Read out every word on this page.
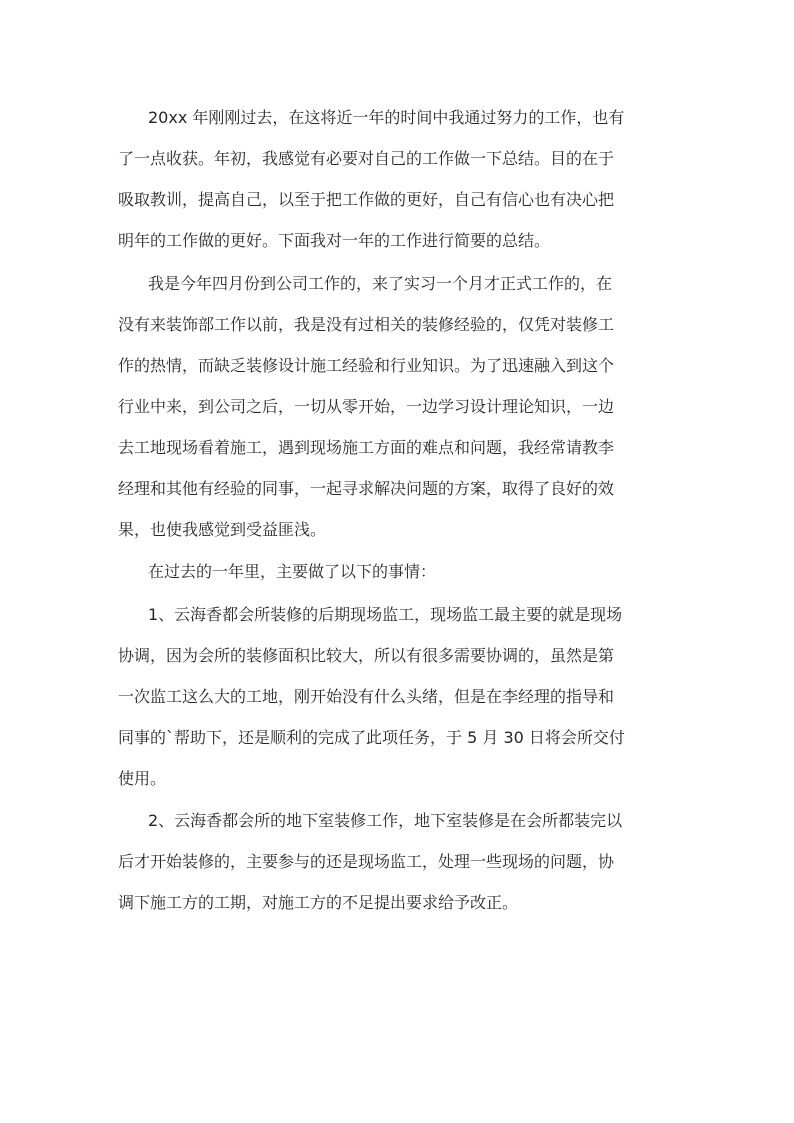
20xx 年刚刚过去，在这将近一年的时间中我通过努力的工作，也有
了一点收获。年初，我感觉有必要对自己的工作做一下总结。目的在于
吸取教训，提高自己，以至于把工作做的更好，自己有信心也有决心把
明年的工作做的更好。下面我对一年的工作进行简要的总结。
我是今年四月份到公司工作的，来了实习一个月才正式工作的，在
没有来装饰部工作以前，我是没有过相关的装修经验的，仅凭对装修工
作的热情，而缺乏装修设计施工经验和行业知识。为了迅速融入到这个
行业中来，到公司之后，一切从零开始，一边学习设计理论知识，一边
去工地现场看着施工，遇到现场施工方面的难点和问题，我经常请教李
经理和其他有经验的同事，一起寻求解决问题的方案，取得了良好的效
果，也使我感觉到受益匪浅。
在过去的一年里，主要做了以下的事情：
1、云海香都会所装修的后期现场监工，现场监工最主要的就是现场
协调，因为会所的装修面积比较大，所以有很多需要协调的，虽然是第
一次监工这么大的工地，刚开始没有什么头绪，但是在李经理的指导和
同事的`帮助下，还是顺利的完成了此项任务，于 5 月 30 日将会所交付
使用。
2、云海香都会所的地下室装修工作，地下室装修是在会所都装完以
后才开始装修的，主要参与的还是现场监工，处理一些现场的问题，协
调下施工方的工期，对施工方的不足提出要求给予改正。
